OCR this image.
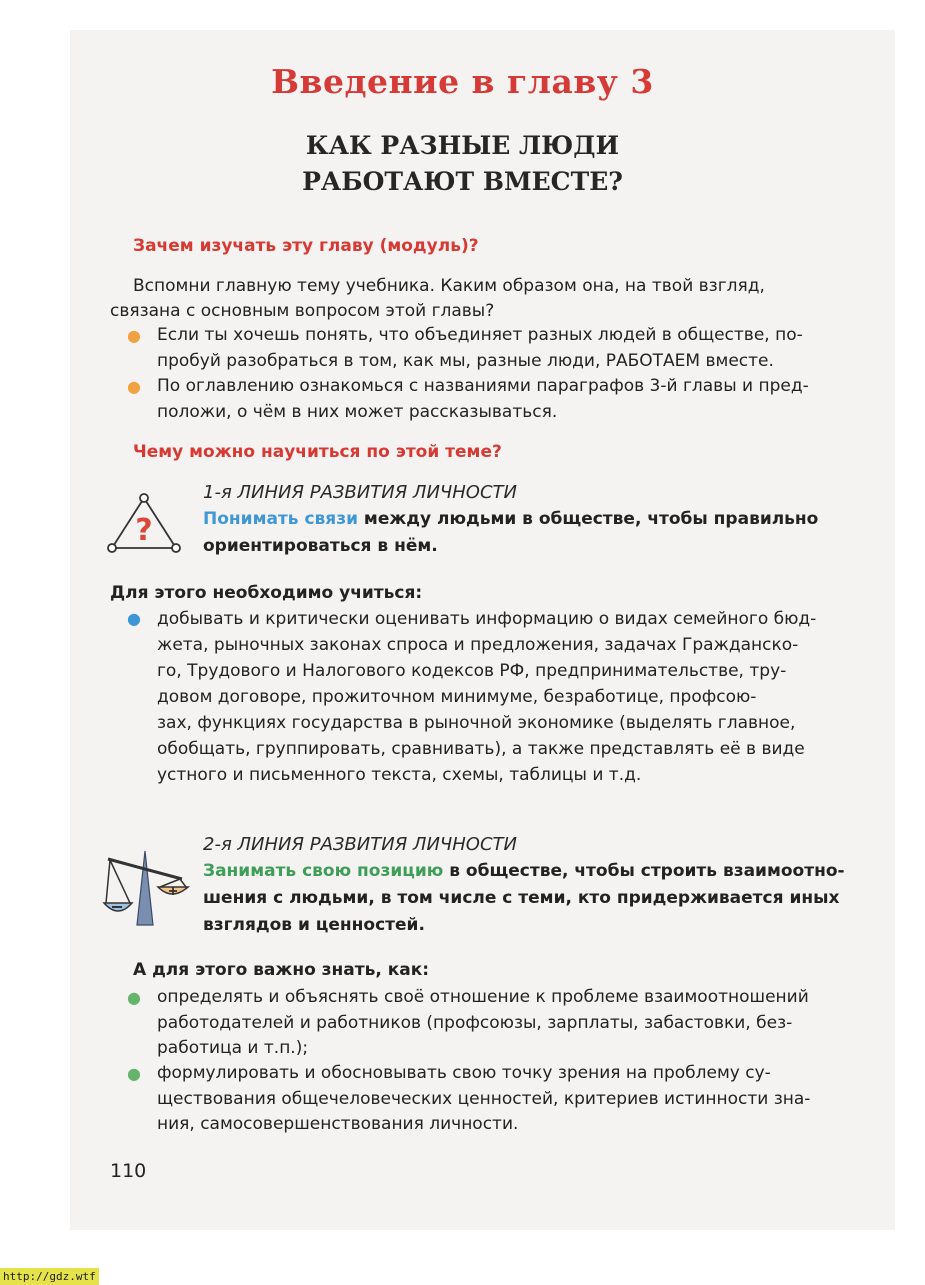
Введение в главу 3
КАК РАЗНЫЕ ЛЮДИ
РАБОТАЮТ ВМЕСТЕ?
Зачем изучать эту главу (модуль)?
Вспомни главную тему учебника. Каким образом она, на твой взгляд,
связана с основным вопросом этой главы?
● Если ты хочешь понять, что объединяет разных людей в обществе, по-
пробуй разобраться в том, как мы, разные люди, РАБОТАЕМ вместе.
● По оглавлению ознакомься с названиями параграфов 3-й главы и пред-
положи, о чём в них может рассказываться.
Чему можно научиться по этой теме?
?
1-я ЛИНИЯ РАЗВИТИЯ ЛИЧНОСТИ
Понимать связи между людьми в обществе, чтобы правильно
ориентироваться в нём.
Для этого необходимо учиться:
● добывать и критически оценивать информацию о видах семейного бюд-
жета, рыночных законах спроса и предложения, задачах Гражданско-
го, Трудового и Налогового кодексов РФ, предпринимательстве, тру-
довом договоре, прожиточном минимуме, безработице, профсою-
зах, функциях государства в рыночной экономике (выделять главное,
обобщать, группировать, сравнивать), а также представлять её в виде
устного и письменного текста, схемы, таблицы и т.д.
2-я ЛИНИЯ РАЗВИТИЯ ЛИЧНОСТИ
Занимать свою позицию в обществе, чтобы строить взаимоотно-
шения с людьми, в том числе с теми, кто придерживается иных
взглядов и ценностей.
А для этого важно знать, как:
● определять и объяснять своё отношение к проблеме взаимоотношений
работодателей и работников (профсоюзы, зарплаты, забастовки, без-
работица и т.п.);
● формулировать и обосновывать свою точку зрения на проблему су-
ществования общечеловеческих ценностей, критериев истинности зна-
ния, самосовершенствования личности.
110
http://gdz.wtf
